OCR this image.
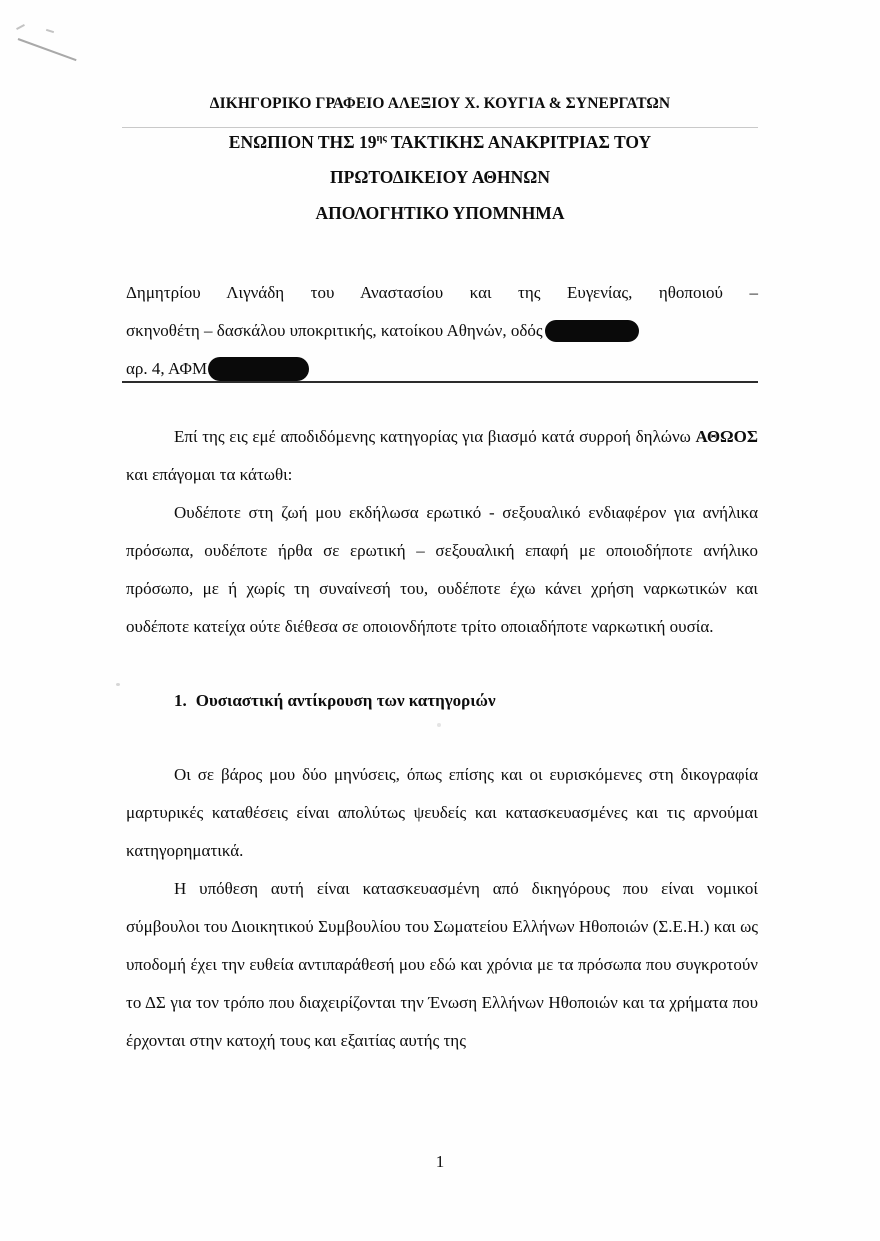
ΔΙΚΗΓΟΡΙΚΟ ΓΡΑΦΕΙΟ ΑΛΕΞΙΟΥ Χ. ΚΟΥΓΙΑ & ΣΥΝΕΡΓΑΤΩΝ
ΕΝΩΠΙΟΝ ΤΗΣ $19^{\eta\varsigma}$ ΤΑΚΤΙΚΗΣ ΑΝΑΚΡΙΤΡΙΑΣ ΤΟΥ
ΠΡΩΤΟΔΙΚΕΙΟΥ ΑΘΗΝΩΝ
ΑΠΟΛΟΓΗΤΙΚΟ ΥΠΟΜΝΗΜΑ
Δημητρίου Λιγνάδη του Αναστασίου και της Ευγενίας, ηθοποιού –
σκηνοθέτη – δασκάλου υποκριτικής, κατοίκου Αθηνών, οδός
αρ. 4, ΑΦΜ

Επί της εις εμέ αποδιδόμενης κατηγορίας για βιασμό κατά συρροή δηλώνω ΑΘΩΟΣ και επάγομαι τα κάτωθι:

Ουδέποτε στη ζωή μου εκδήλωσα ερωτικό - σεξουαλικό ενδιαφέρον για ανήλικα πρόσωπα, ουδέποτε ήρθα σε ερωτική – σεξουαλική επαφή με οποιοδήποτε ανήλικο πρόσωπο, με ή χωρίς τη συναίνεσή του, ουδέποτε έχω κάνει χρήση ναρκωτικών και ουδέποτε κατείχα ούτε διέθεσα σε οποιονδήποτε τρίτο οποιαδήποτε ναρκωτική ουσία.

1. Ουσιαστική αντίκρουση των κατηγοριών

Οι σε βάρος μου δύο μηνύσεις, όπως επίσης και οι ευρισκόμενες στη δικογραφία μαρτυρικές καταθέσεις είναι απολύτως ψευδείς και κατασκευασμένες και τις αρνούμαι κατηγορηματικά.

Η υπόθεση αυτή είναι κατασκευασμένη από δικηγόρους που είναι νομικοί σύμβουλοι του Διοικητικού Συμβουλίου του Σωματείου Ελλήνων Ηθοποιών (Σ.Ε.Η.) και ως υποδομή έχει την ευθεία αντιπαράθεσή μου εδώ και χρόνια με τα πρόσωπα που συγκροτούν το ΔΣ για τον τρόπο που διαχειρίζονται την Ένωση Ελλήνων Ηθοποιών και τα χρήματα που έρχονται στην κατοχή τους και εξαιτίας αυτής της

1
